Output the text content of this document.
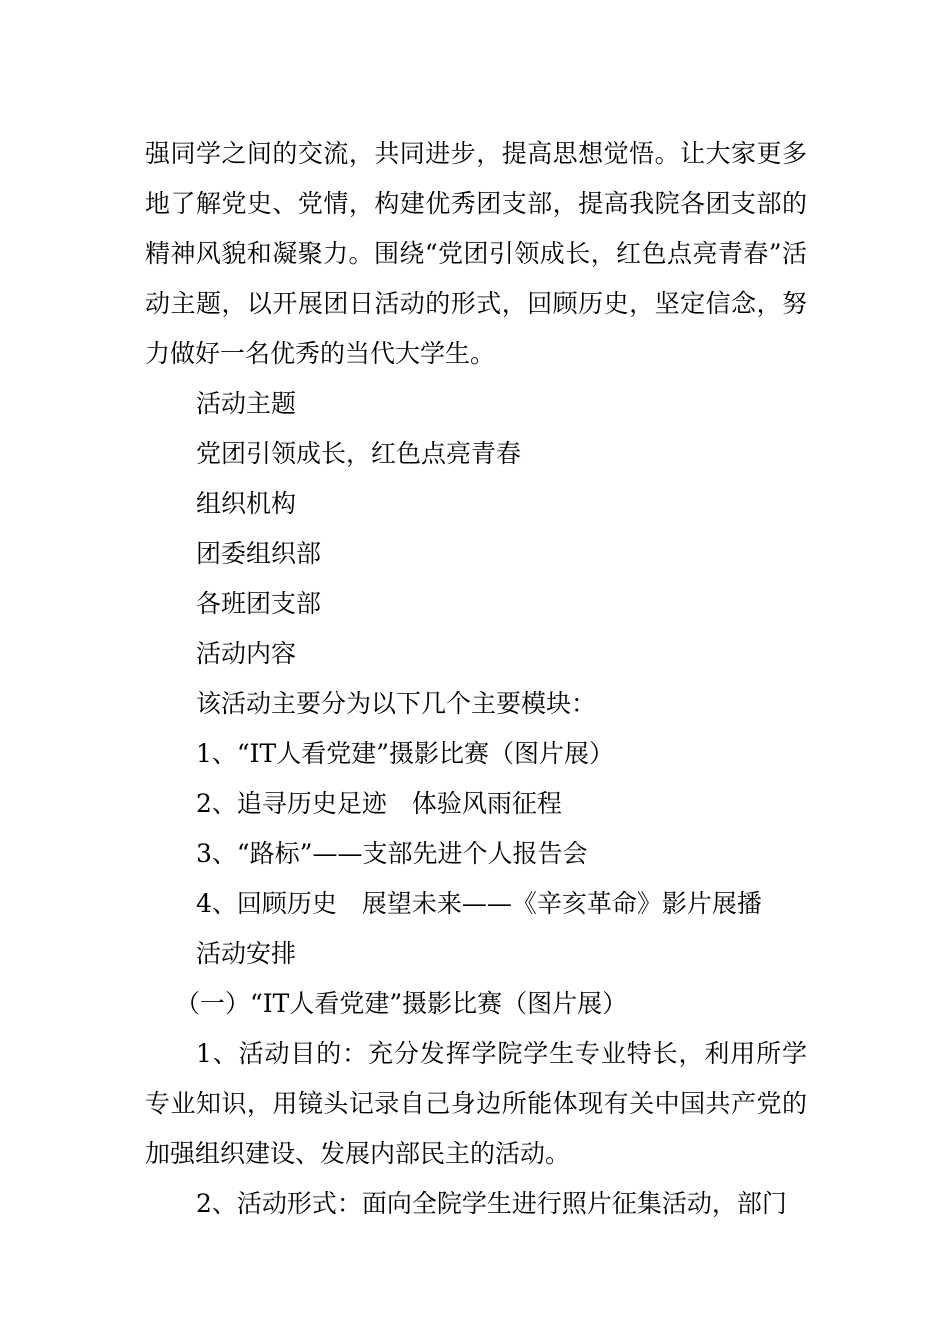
强同学之间的交流，共同进步，提高思想觉悟。让大家更多地了解党史、党情，构建优秀团支部，提高我院各团支部的精神风貌和凝聚力。围绕“党团引领成长，红色点亮青春”活动主题，以开展团日活动的形式，回顾历史，坚定信念，努力做好一名优秀的当代大学生。

活动主题

党团引领成长，红色点亮青春

组织机构

团委组织部

各班团支部

活动内容

该活动主要分为以下几个主要模块：

1、“IT人看党建”摄影比赛（图片展）

2、追寻历史足迹　体验风雨征程

3、“路标”——支部先进个人报告会

4、回顾历史　展望未来——《辛亥革命》影片展播

活动安排

（一）“IT人看党建”摄影比赛（图片展）

1、活动目的：充分发挥学院学生专业特长，利用所学专业知识，用镜头记录自己身边所能体现有关中国共产党的加强组织建设、发展内部民主的活动。

2、活动形式：面向全院学生进行照片征集活动，部门
